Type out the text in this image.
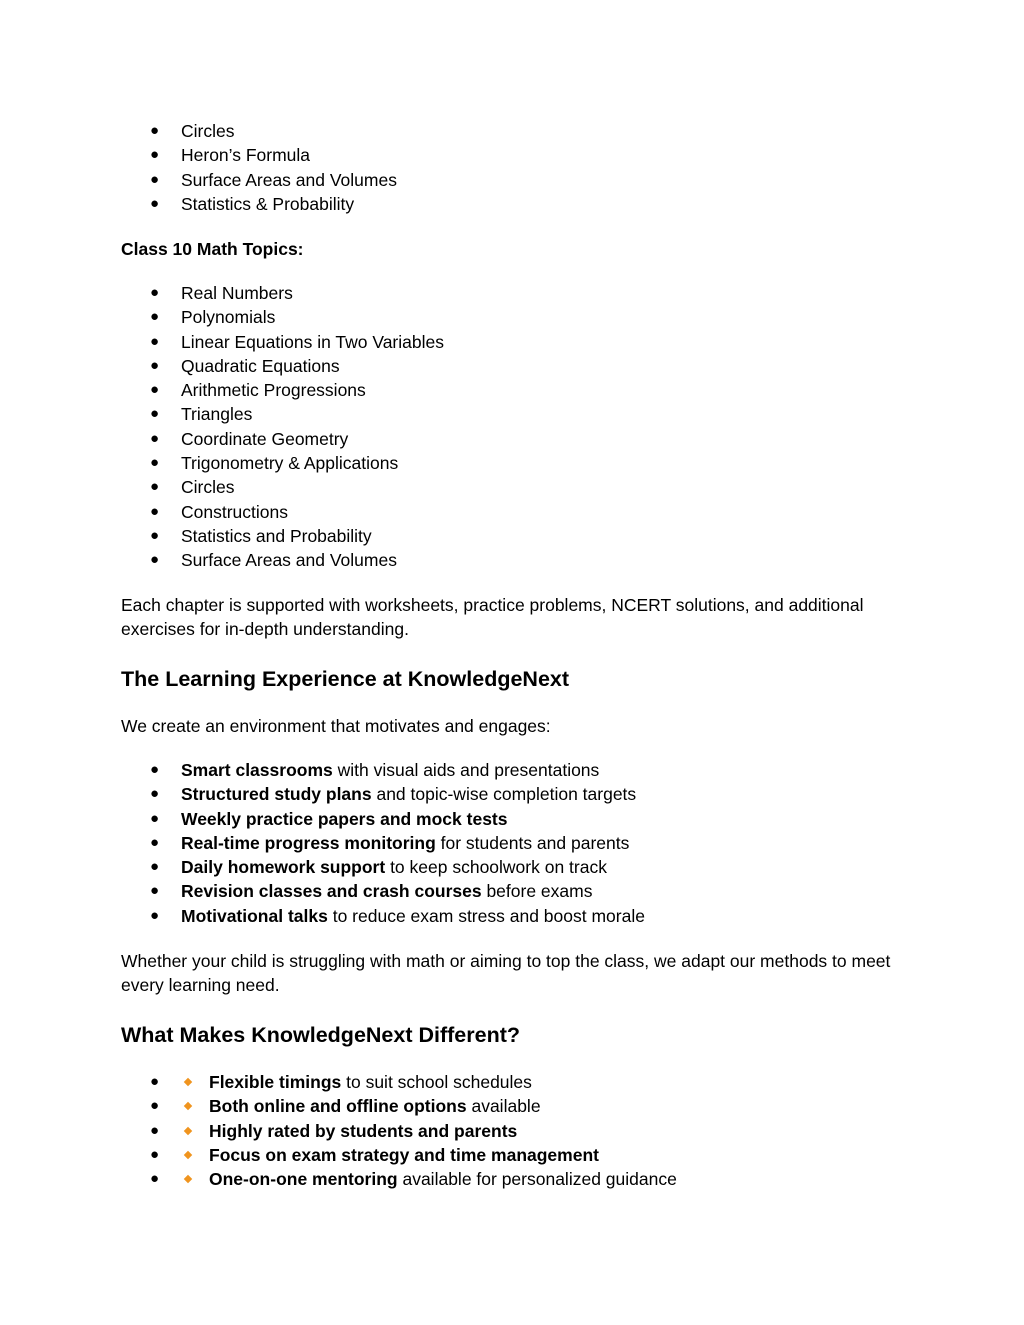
● Circles
● Heron’s Formula
● Surface Areas and Volumes
● Statistics & Probability
Class 10 Math Topics:
● Real Numbers
● Polynomials
● Linear Equations in Two Variables
● Quadratic Equations
● Arithmetic Progressions
● Triangles
● Coordinate Geometry
● Trigonometry & Applications
● Circles
● Constructions
● Statistics and Probability
● Surface Areas and Volumes

Each chapter is supported with worksheets, practice problems, NCERT solutions, and additional exercises for in-depth understanding.

The Learning Experience at KnowledgeNext

We create an environment that motivates and engages:

● Smart classrooms with visual aids and presentations
● Structured study plans and topic-wise completion targets
● Weekly practice papers and mock tests
● Real-time progress monitoring for students and parents
● Daily homework support to keep schoolwork on track
● Revision classes and crash courses before exams
● Motivational talks to reduce exam stress and boost morale

Whether your child is struggling with math or aiming to top the class, we adapt our methods to meet every learning need.

What Makes KnowledgeNext Different?
●	Flexible timings to suit school schedules
●	Both online and offline options available
●	Highly rated by students and parents
●	Focus on exam strategy and time management
●	One-on-one mentoring available for personalized guidance
